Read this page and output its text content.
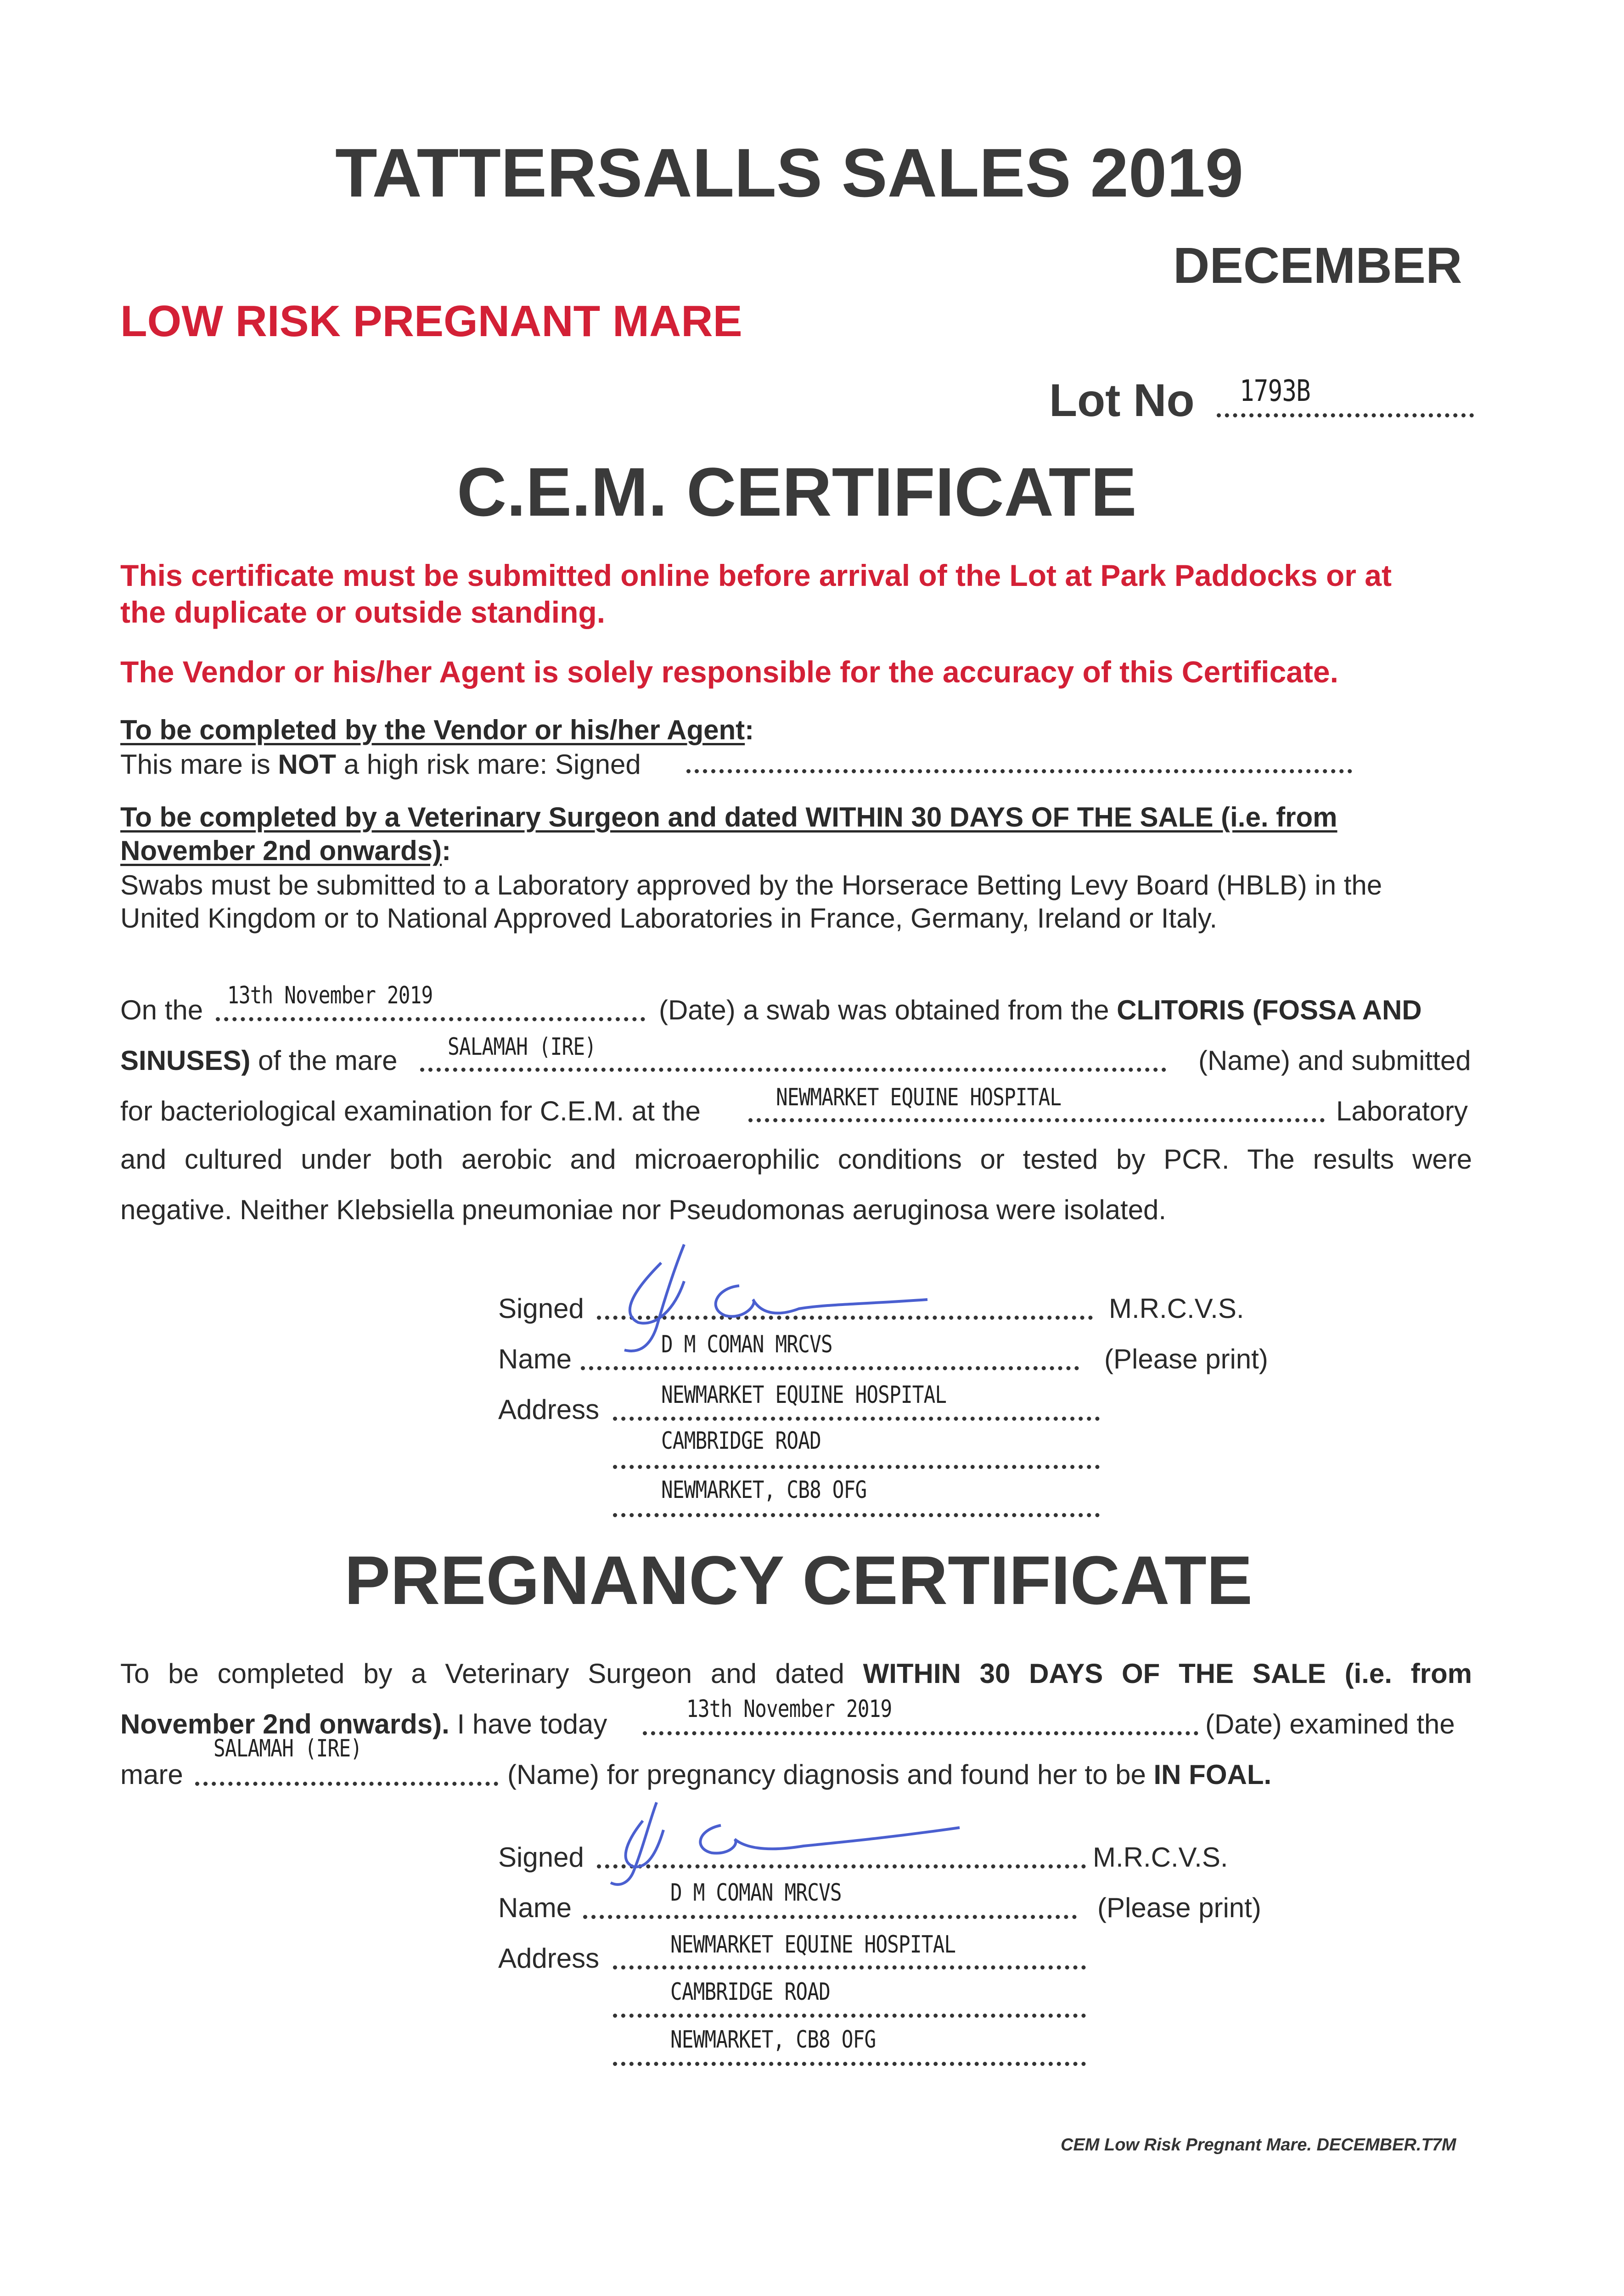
TATTERSALLS SALES 2019
DECEMBER
LOW RISK PREGNANT MARE
Lot No 1793B
C.E.M. CERTIFICATE
This certificate must be submitted online before arrival of the Lot at Park Paddocks or at
the duplicate or outside standing.
The Vendor or his/her Agent is solely responsible for the accuracy of this Certificate.
To be completed by the Vendor or his/her Agent:
This mare is NOT a high risk mare: Signed
To be completed by a Veterinary Surgeon and dated WITHIN 30 DAYS OF THE SALE (i.e. from
November 2nd onwards):
Swabs must be submitted to a Laboratory approved by the Horserace Betting Levy Board (HBLB) in the
United Kingdom or to National Approved Laboratories in France, Germany, Ireland or Italy.
On the 13th November 2019	(Date) a swab was obtained from the CLITORIS (FOSSA AND
SINUSES) of the mare SALAMAH (IRE)	(Name) and submitted
for bacteriological examination for C.E.M. at the	NEWMARKET EQUINE HOSPITAL	Laboratory
and cultured under both aerobic and microaerophilic conditions or tested by PCR. The results were
negative. Neither Klebsiella pneumoniae nor Pseudomonas aeruginosa were isolated.
Signed	M.R.C.V.S.
Name	D M COMAN MRCVS	(Please print)
Address	NEWMARKET EQUINE HOSPITAL
CAMBRIDGE ROAD
NEWMARKET, CB8 OFG
PREGNANCY CERTIFICATE
To be completed by a Veterinary Surgeon and dated WITHIN 30 DAYS OF THE SALE (i.e. from
November 2nd onwards). I have today	13th November 2019	(Date) examined the
mare
SALAMAH (IRE)
(Name) for pregnancy diagnosis and found her to be IN FOAL.
Signed	M.R.C.V.S.
Name	D M COMAN MRCVS	(Please print)
Address	NEWMARKET EQUINE HOSPITAL
CAMBRIDGE ROAD
NEWMARKET, CB8 OFG
CEM Low Risk Pregnant Mare. DECEMBER.T7M
